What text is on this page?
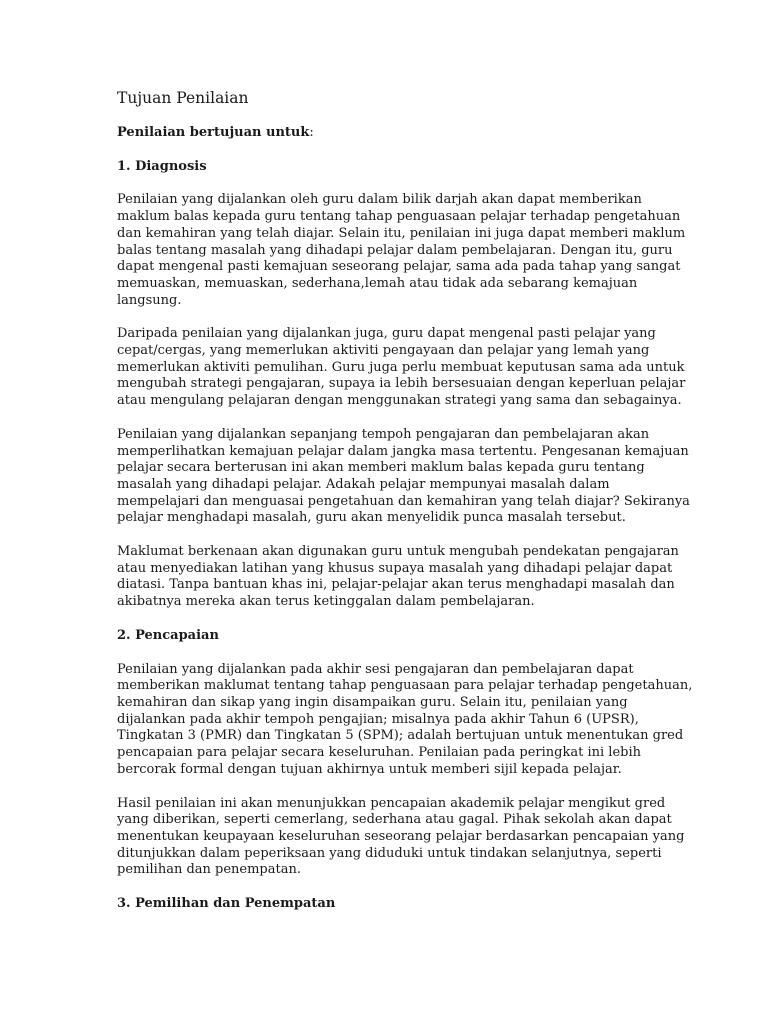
Tujuan Penilaian

Penilaian bertujuan untuk:

1. Diagnosis

Penilaian yang dijalankan oleh guru dalam bilik darjah akan dapat memberikan
maklum balas kepada guru tentang tahap penguasaan pelajar terhadap pengetahuan
dan kemahiran yang telah diajar. Selain itu, penilaian ini juga dapat memberi maklum
balas tentang masalah yang dihadapi pelajar dalam pembelajaran. Dengan itu, guru
dapat mengenal pasti kemajuan seseorang pelajar, sama ada pada tahap yang sangat
memuaskan, memuaskan, sederhana,lemah atau tidak ada sebarang kemajuan
langsung.

Daripada penilaian yang dijalankan juga, guru dapat mengenal pasti pelajar yang
cepat/cergas, yang memerlukan aktiviti pengayaan dan pelajar yang lemah yang
memerlukan aktiviti pemulihan. Guru juga perlu membuat keputusan sama ada untuk
mengubah strategi pengajaran, supaya ia lebih bersesuaian dengan keperluan pelajar
atau mengulang pelajaran dengan menggunakan strategi yang sama dan sebagainya.

Penilaian yang dijalankan sepanjang tempoh pengajaran dan pembelajaran akan
memperlihatkan kemajuan pelajar dalam jangka masa tertentu. Pengesanan kemajuan
pelajar secara berterusan ini akan memberi maklum balas kepada guru tentang
masalah yang dihadapi pelajar. Adakah pelajar mempunyai masalah dalam
mempelajari dan menguasai pengetahuan dan kemahiran yang telah diajar? Sekiranya
pelajar menghadapi masalah, guru akan menyelidik punca masalah tersebut.

Maklumat berkenaan akan digunakan guru untuk mengubah pendekatan pengajaran
atau menyediakan latihan yang khusus supaya masalah yang dihadapi pelajar dapat
diatasi. Tanpa bantuan khas ini, pelajar-pelajar akan terus menghadapi masalah dan
akibatnya mereka akan terus ketinggalan dalam pembelajaran.

2. Pencapaian

Penilaian yang dijalankan pada akhir sesi pengajaran dan pembelajaran dapat
memberikan maklumat tentang tahap penguasaan para pelajar terhadap pengetahuan,
kemahiran dan sikap yang ingin disampaikan guru. Selain itu, penilaian yang
dijalankan pada akhir tempoh pengajian; misalnya pada akhir Tahun 6 (UPSR),
Tingkatan 3 (PMR) dan Tingkatan 5 (SPM); adalah bertujuan untuk menentukan gred
pencapaian para pelajar secara keseluruhan. Penilaian pada peringkat ini lebih
bercorak formal dengan tujuan akhirnya untuk memberi sijil kepada pelajar.

Hasil penilaian ini akan menunjukkan pencapaian akademik pelajar mengikut gred
yang diberikan, seperti cemerlang, sederhana atau gagal. Pihak sekolah akan dapat
menentukan keupayaan keseluruhan seseorang pelajar berdasarkan pencapaian yang
ditunjukkan dalam peperiksaan yang diduduki untuk tindakan selanjutnya, seperti
pemilihan dan penempatan.

3. Pemilihan dan Penempatan
